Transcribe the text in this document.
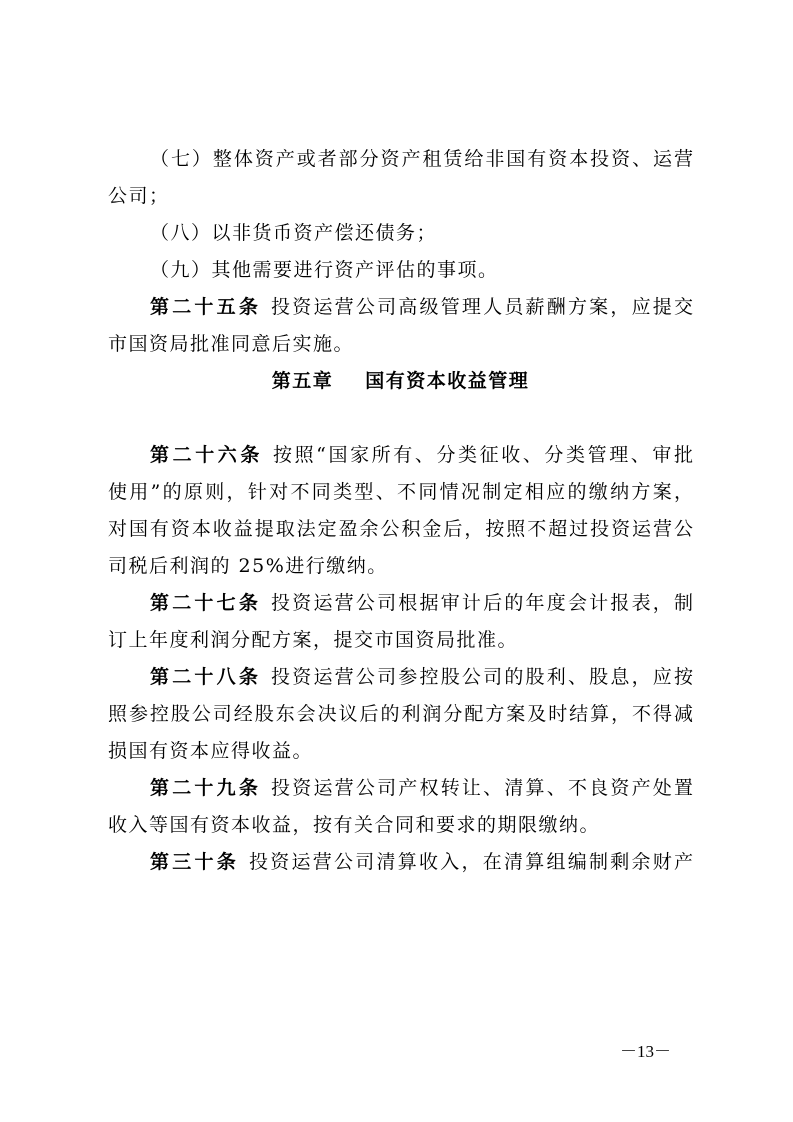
（七）整体资产或者部分资产租赁给非国有资本投资、运营
公司；
（八）以非货币资产偿还债务；
（九）其他需要进行资产评估的事项。
第二十五条 投资运营公司高级管理人员薪酬方案，应提交
市国资局批准同意后实施。
第五章 国有资本收益管理
第二十六条 按照“国家所有、分类征收、分类管理、审批
使用”的原则，针对不同类型、不同情况制定相应的缴纳方案，
对国有资本收益提取法定盈余公积金后，按照不超过投资运营公
司税后利润的 25%进行缴纳。
第二十七条 投资运营公司根据审计后的年度会计报表，制
订上年度利润分配方案，提交市国资局批准。
第二十八条 投资运营公司参控股公司的股利、股息，应按
照参控股公司经股东会决议后的利润分配方案及时结算，不得减
损国有资本应得收益。
第二十九条 投资运营公司产权转让、清算、不良资产处置
收入等国有资本收益，按有关合同和要求的期限缴纳。
第三十条 投资运营公司清算收入，在清算组编制剩余财产
－13－
